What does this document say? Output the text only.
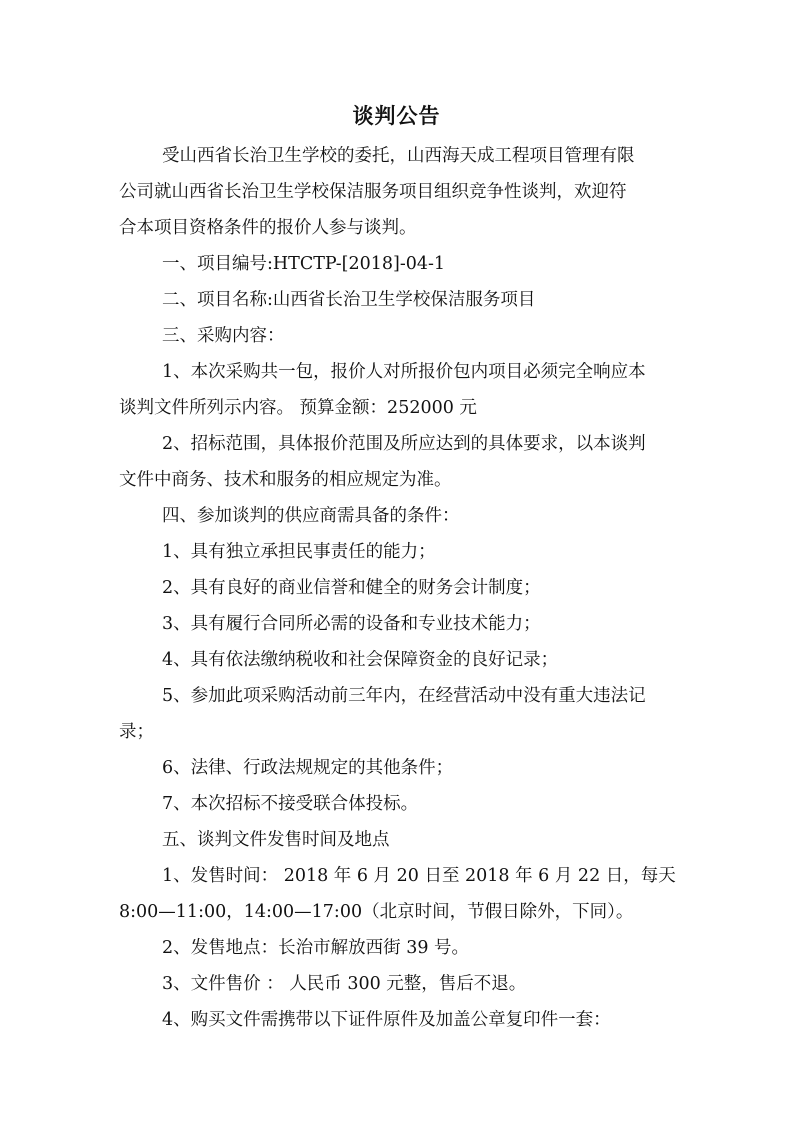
谈判公告
受山西省长治卫生学校的委托，山西海天成工程项目管理有限
公司就山西省长治卫生学校保洁服务项目组织竞争性谈判，欢迎符
合本项目资格条件的报价人参与谈判。
一、项目编号:HTCTP-[2018]-04-1
二、项目名称:山西省长治卫生学校保洁服务项目
三、采购内容：
1、本次采购共一包，报价人对所报价包内项目必须完全响应本
谈判文件所列示内容。 预算金额：252000 元
2、招标范围，具体报价范围及所应达到的具体要求，以本谈判
文件中商务、技术和服务的相应规定为准。
四、参加谈判的供应商需具备的条件：
1、具有独立承担民事责任的能力；
2、具有良好的商业信誉和健全的财务会计制度；
3、具有履行合同所必需的设备和专业技术能力；
4、具有依法缴纳税收和社会保障资金的良好记录；
5、参加此项采购活动前三年内，在经营活动中没有重大违法记
录；
6、法律、行政法规规定的其他条件；
7、本次招标不接受联合体投标。
五、谈判文件发售时间及地点
1、发售时间： 2018 年 6 月 20 日至 2018 年 6 月 22 日，每天
8:00—11:00，14:00—17:00（北京时间，节假日除外，下同）。
2、发售地点：长治市解放西街 39 号。
3、文件售价 ： 人民币 300 元整，售后不退。
4、购买文件需携带以下证件原件及加盖公章复印件一套：
